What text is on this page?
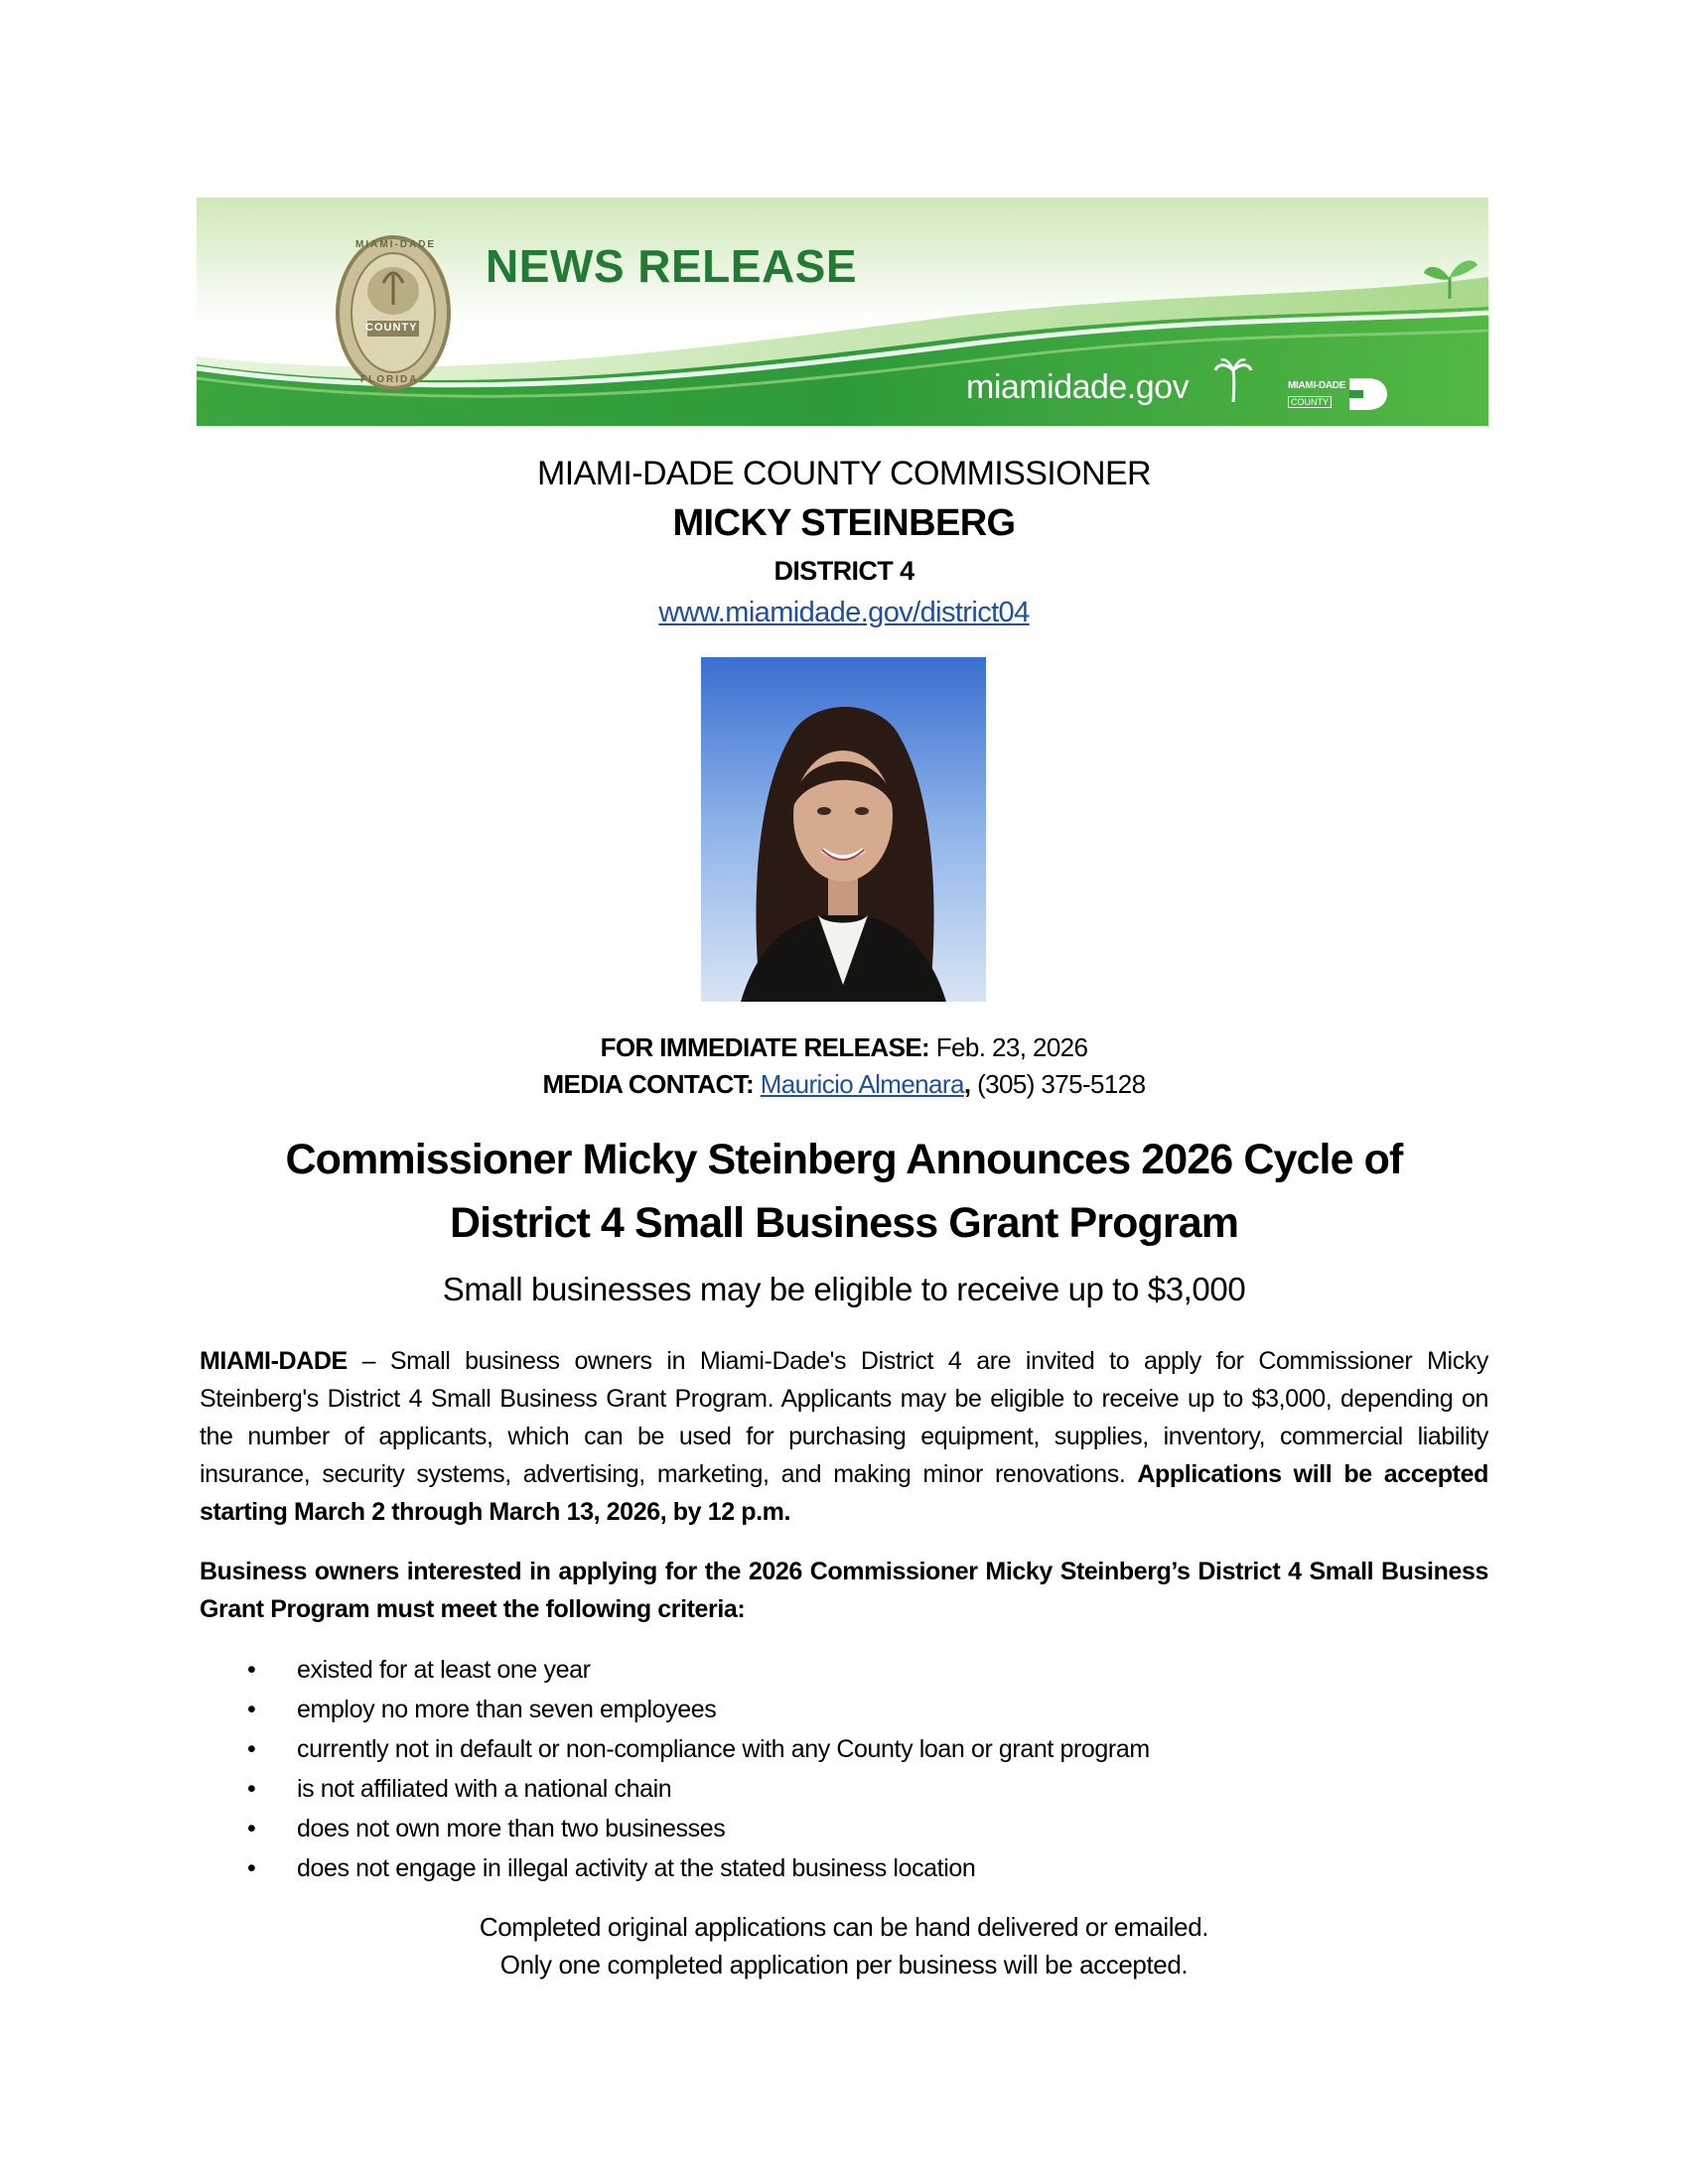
COUNTY
MIAMI-DADE
FLORIDA
NEWS RELEASE
miamidade.gov	MIAMI-DADE
COUNTY
MIAMI-DADE COUNTY COMMISSIONER
MICKY STEINBERG
DISTRICT 4
www.miamidade.gov/district04
FOR IMMEDIATE RELEASE: Feb. 23, 2026
MEDIA CONTACT: Mauricio Almenara, (305) 375-5128
Commissioner Micky Steinberg Announces 2026 Cycle of
District 4 Small Business Grant Program
Small businesses may be eligible to receive up to $3,000
MIAMI-DADE – Small business owners in Miami-Dade's District 4 are invited to apply for Commissioner Micky Steinberg's District 4 Small Business Grant Program. Applicants may be eligible to receive up to $3,000, depending on the number of applicants, which can be used for purchasing equipment, supplies, inventory, commercial liability insurance, security systems, advertising, marketing, and making minor renovations. Applications will be accepted starting March 2 through March 13, 2026, by 12 p.m.
Business owners interested in applying for the 2026 Commissioner Micky Steinberg’s District 4 Small Business Grant Program must meet the following criteria:
• existed for at least one year
• employ no more than seven employees
• currently not in default or non-compliance with any County loan or grant program
• is not affiliated with a national chain
• does not own more than two businesses
• does not engage in illegal activity at the stated business location
Completed original applications can be hand delivered or emailed.
Only one completed application per business will be accepted.
